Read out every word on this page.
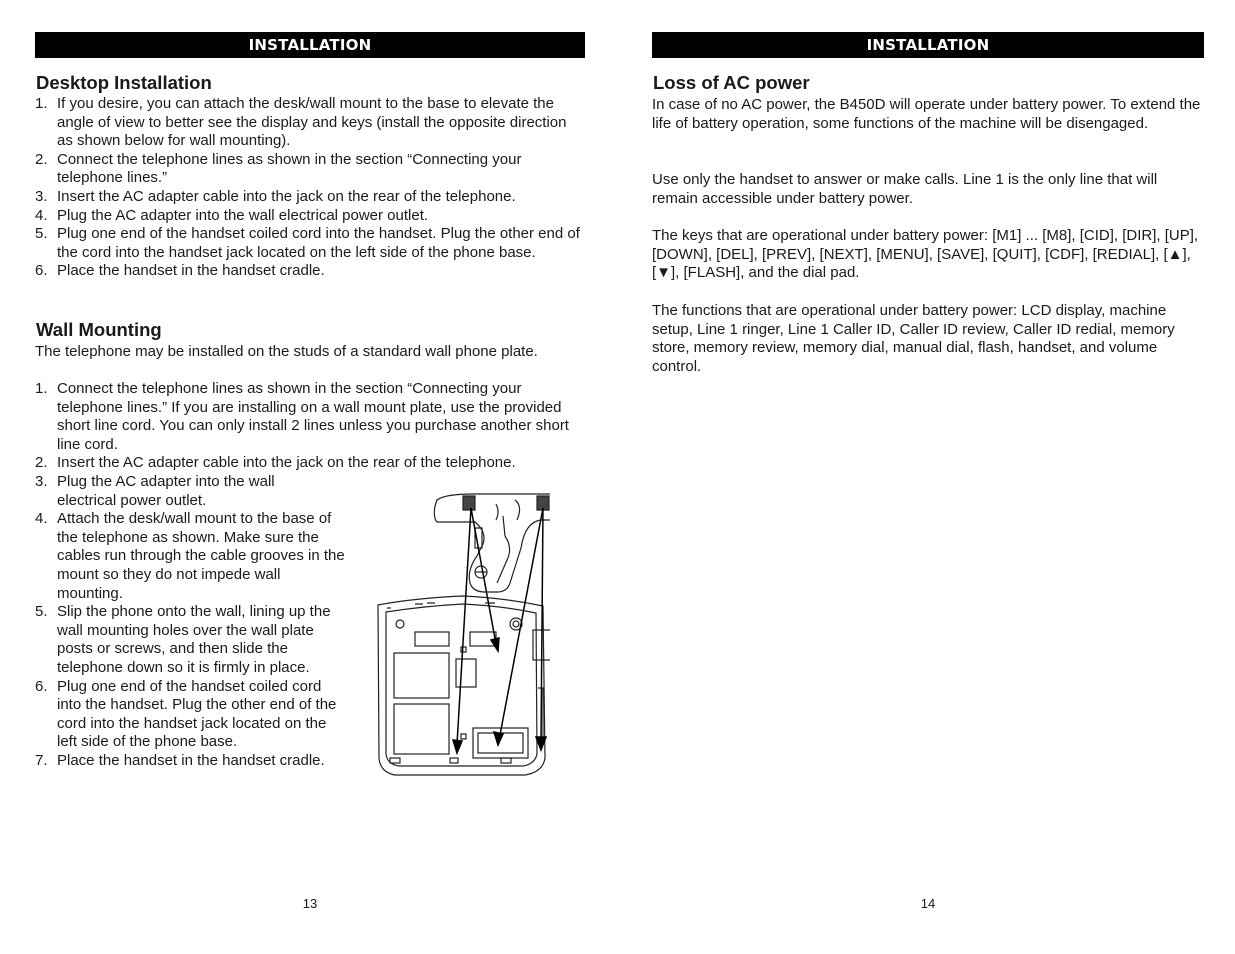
INSTALLATION
Desktop Installation
1. If you desire, you can attach the desk/wall mount to the base to elevate the angle of view to better see the display and keys (install the opposite direction as shown below for wall mounting).
2. Connect the telephone lines as shown in the section “Connecting your telephone lines.”
3. Insert the AC adapter cable into the jack on the rear of the telephone.
4. Plug the AC adapter into the wall electrical power outlet.
5. Plug one end of the handset coiled cord into the handset. Plug the other end of the cord into the handset jack located on the left side of the phone base.
6. Place the handset in the handset cradle.
Wall Mounting

The telephone may be installed on the studs of a standard wall phone plate.

1. Connect the telephone lines as shown in the section “Connecting your telephone lines.” If you are installing on a wall mount plate, use the provided short line cord. You can only install 2 lines unless you purchase another short line cord.
2. Insert the AC adapter cable into the jack on the rear of the telephone.
3. Plug the AC adapter into the wall electrical power outlet.
4. Attach the desk/wall mount to the base of the telephone as shown. Make sure the cables run through the cable grooves in the mount so they do not impede wall mounting.
5. Slip the phone onto the wall, lining up the wall mounting holes over the wall plate posts or screws, and then slide the telephone down so it is firmly in place.
6. Plug one end of the handset coiled cord into the handset. Plug the other end of the cord into the handset jack located on the left side of the phone base.
7. Place the handset in the handset cradle.
13
INSTALLATION
Loss of AC power

In case of no AC power, the B450D will operate under battery power. To extend the life of battery operation, some functions of the machine will be disengaged.

Use only the handset to answer or make calls. Line 1 is the only line that will remain accessible under battery power.

The keys that are operational under battery power: [M1] ... [M8], [CID], [DIR], [UP], [DOWN], [DEL], [PREV], [NEXT], [MENU], [SAVE], [QUIT], [CDF], [REDIAL], [▲], [▼], [FLASH], and the dial pad.

The functions that are operational under battery power: LCD display, machine setup, Line 1 ringer, Line 1 Caller ID, Caller ID review, Caller ID redial, memory store, memory review, memory dial, manual dial, flash, handset, and volume control.

14
